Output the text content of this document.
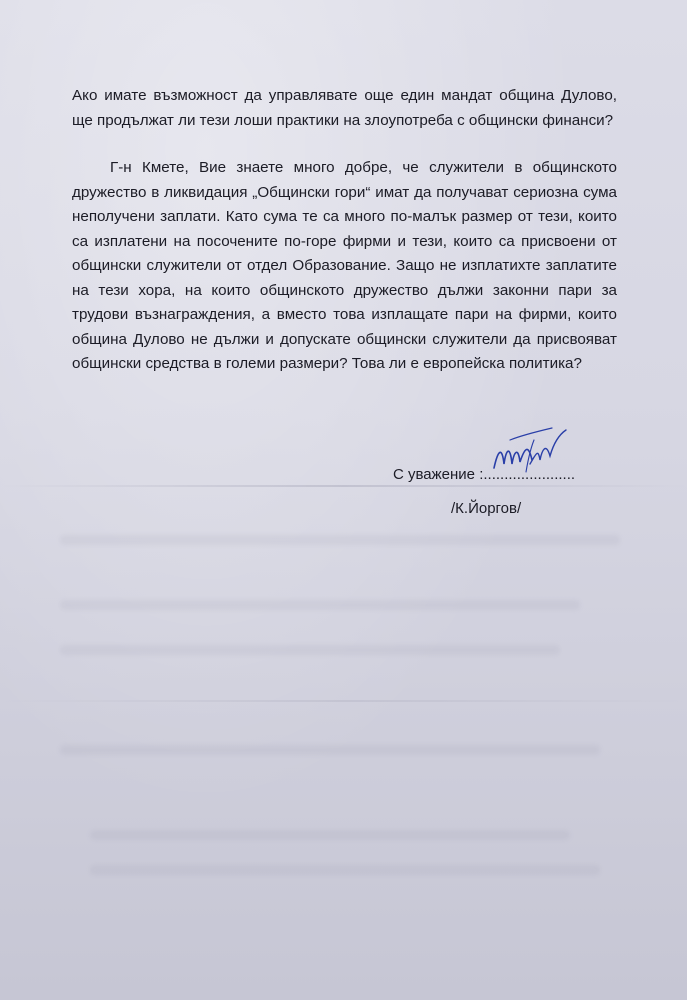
Ако имате възможност да управлявате още един мандат община Дулово, ще продължат ли тези лоши практики на злоупотреба с общински финанси?

Г-н Кмете, Вие знаете много добре, че служители в общинското дружество в ликвидация „Общински гори“ имат да получават сериозна сума неполучени заплати. Като сума те са много по-малък размер от тези, които са изплатени на посочените по-горе фирми и тези, които са присвоени от общински служители от отдел Образование. Защо не изплатихте заплатите на тези хора, на които общинското дружество дължи законни пари за трудови възнаграждения, а вместо това изплащате пари на фирми, които община Дулово не дължи и допускате общински служители да присвояват общински средства в големи размери? Това ли е европейска политика?

С уважение :......................
/К.Йоргов/
